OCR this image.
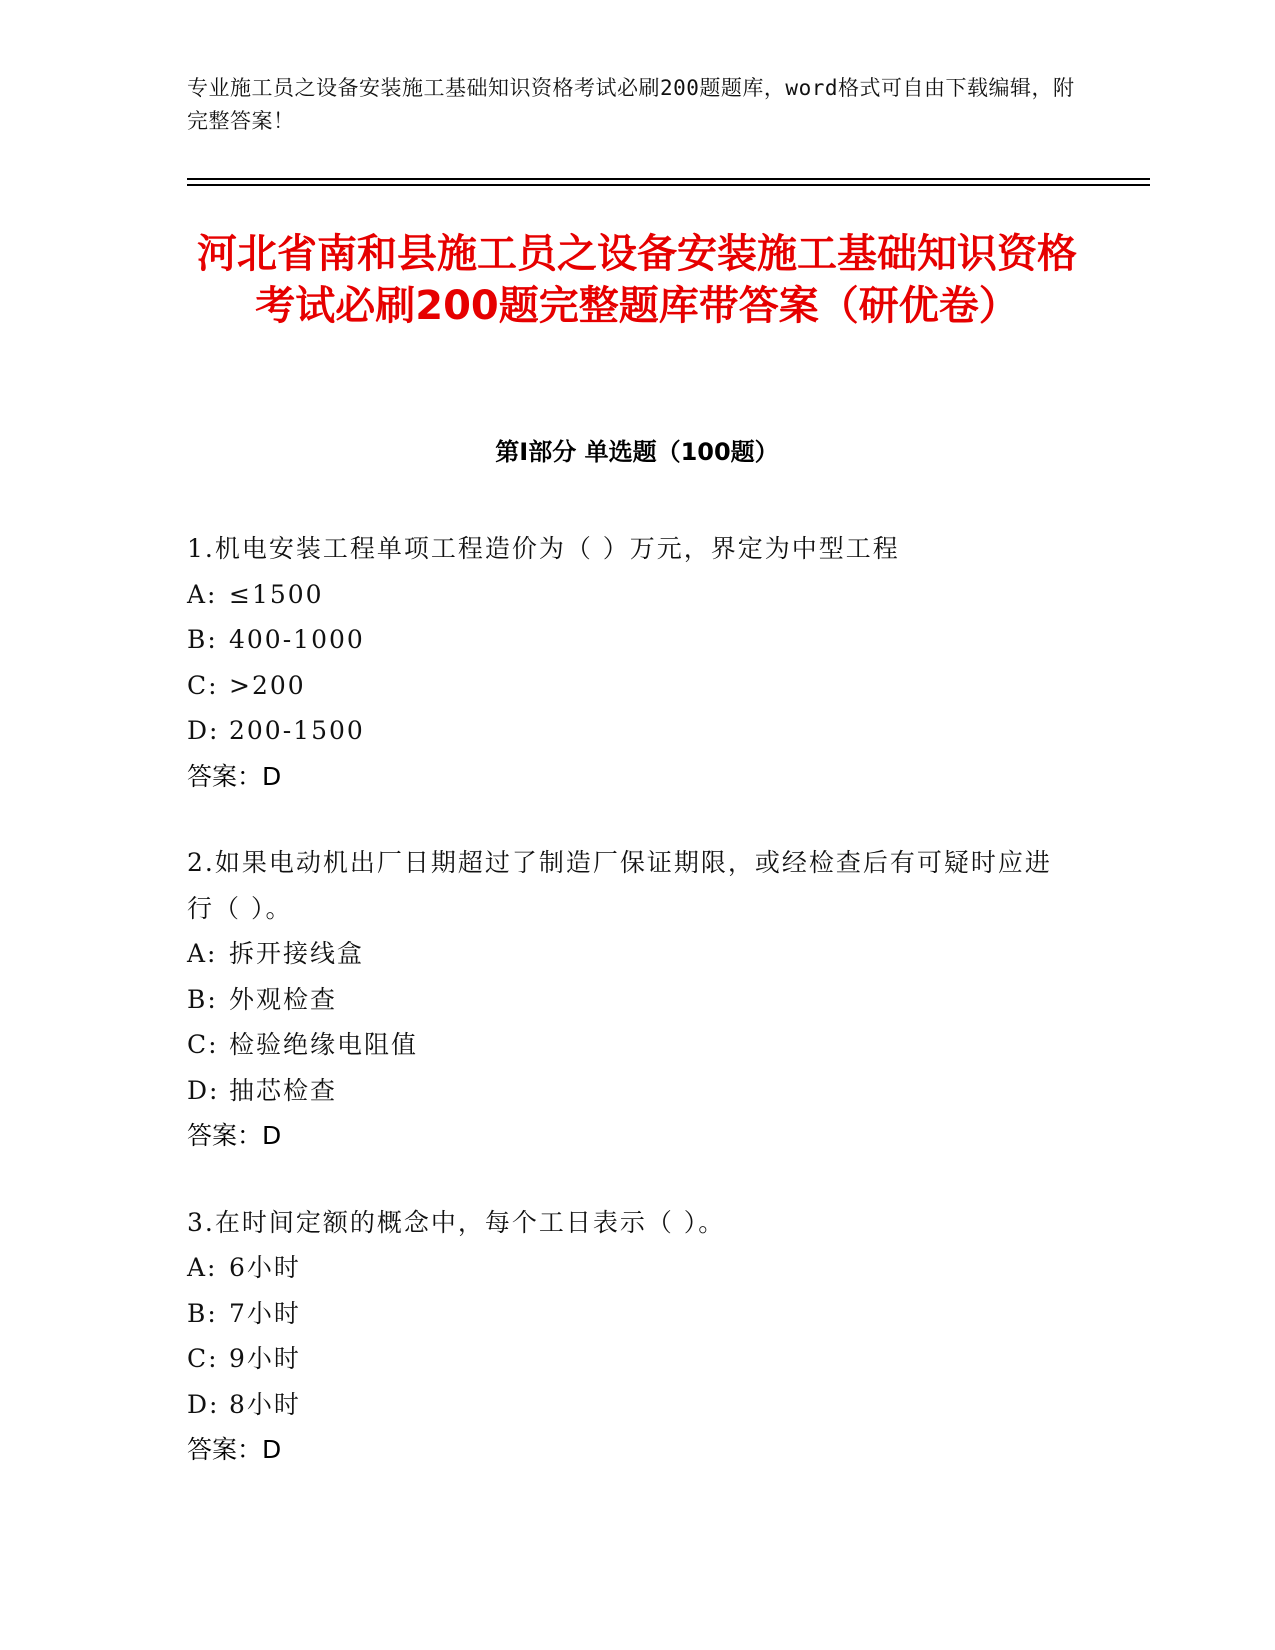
专业施工员之设备安装施工基础知识资格考试必刷200题题库，word格式可自由下载编辑，附完整答案！
河北省南和县施工员之设备安装施工基础知识资格考试必刷200题完整题库带答案（研优卷）
第I部分 单选题（100题）
1.机电安装工程单项工程造价为（ ）万元，界定为中型工程
A: ≤1500
B: 400-1000
C: >200
D: 200-1500
答案：D
2.如果电动机出厂日期超过了制造厂保证期限，或经检查后有可疑时应进行（ ）。
A: 拆开接线盒
B: 外观检查
C: 检验绝缘电阻值
D: 抽芯检查
答案：D
3.在时间定额的概念中，每个工日表示（ ）。
A: 6小时
B: 7小时
C: 9小时
D: 8小时
答案：D
